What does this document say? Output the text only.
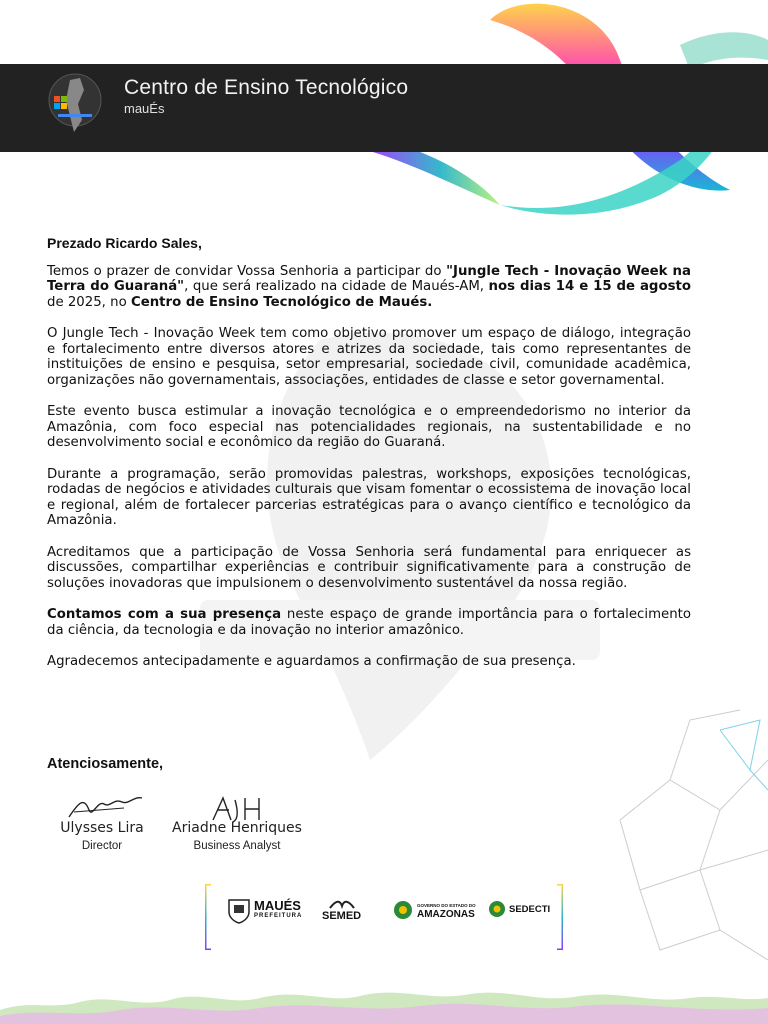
Centro de Ensino Tecnológico
mauÉs
Prezado Ricardo Sales,

Temos o prazer de convidar Vossa Senhoria a participar do "Jungle Tech - Inovação Week na Terra do Guaraná", que será realizado na cidade de Maués-AM, nos dias 14 e 15 de agosto de 2025, no Centro de Ensino Tecnológico de Maués.

O Jungle Tech - Inovação Week tem como objetivo promover um espaço de diálogo, integração e fortalecimento entre diversos atores e atrizes da sociedade, tais como representantes de instituições de ensino e pesquisa, setor empresarial, sociedade civil, comunidade acadêmica, organizações não governamentais, associações, entidades de classe e setor governamental.

Este evento busca estimular a inovação tecnológica e o empreendedorismo no interior da Amazônia, com foco especial nas potencialidades regionais, na sustentabilidade e no desenvolvimento social e econômico da região do Guaraná.

Durante a programação, serão promovidas palestras, workshops, exposições tecnológicas, rodadas de negócios e atividades culturais que visam fomentar o ecossistema de inovação local e regional, além de fortalecer parcerias estratégicas para o avanço científico e tecnológico da Amazônia.

Acreditamos que a participação de Vossa Senhoria será fundamental para enriquecer as discussões, compartilhar experiências e contribuir significativamente para a construção de soluções inovadoras que impulsionem o desenvolvimento sustentável da nossa região.

Contamos com a sua presença neste espaço de grande importância para o fortalecimento da ciência, da tecnologia e da inovação no interior amazônico.

Agradecemos antecipadamente e aguardamos a confirmação de sua presença.

Atenciosamente,
Ulysses Lira
Director
Ariadne Henriques
Business Analyst
MAUÉS
PREFEITURA SEMED
GOVERNO DO ESTADO DO
AMAZONAS	SEDECTI
